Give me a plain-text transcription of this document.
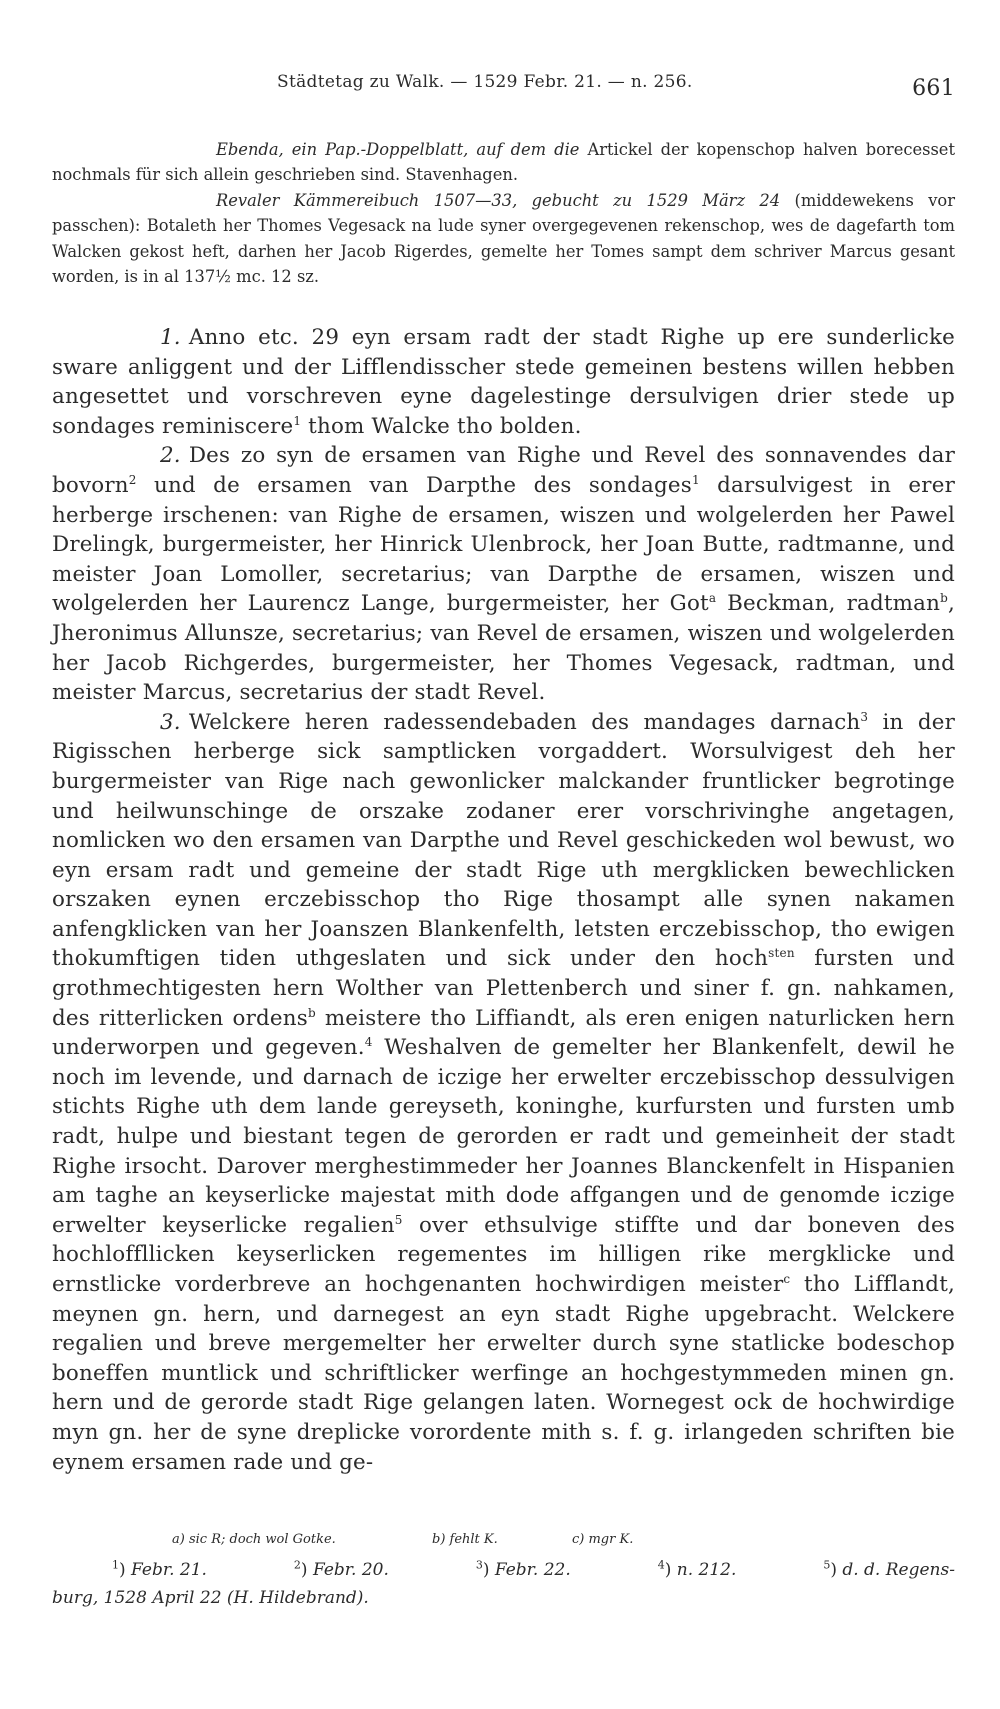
Städtetag zu Walk. — 1529 Febr. 21. — n. 256.	661

Ebenda, ein Pap.-Doppelblatt, auf dem die Artickel der kopenschop halven borecesset nochmals für sich allein geschrieben sind. Stavenhagen.

Revaler Kämmereibuch 1507—33, gebucht zu 1529 März 24 (middewekens vor passchen): Botaleth her Thomes Vegesack na lude syner overgegevenen rekenschop, wes de dagefarth tom Walcken gekost heft, darhen her Jacob Rigerdes, gemelte her Tomes sampt dem schriver Marcus gesant worden, is in al 137½ mc. 12 sz.

1. Anno etc. 29 eyn ersam radt der stadt Righe up ere sunderlicke sware anliggent und der Lifflendisscher stede gemeinen bestens willen hebben angesettet und vorschreven eyne dagelestinge dersulvigen drier stede up sondages reminiscere$^1$ thom Walcke tho bolden.

2. Des zo syn de ersamen van Righe und Revel des sonnavendes dar bovorn$^2$ und de ersamen van Darpthe des sondages$^1$ darsulvigest in erer herberge irschenen: van Righe de ersamen, wiszen und wolgelerden her Pawel Drelingk, burgermeister, her Hinrick Ulenbrock, her Joan Butte, radtmanne, und meister Joan Lomoller, secretarius; van Darpthe de ersamen, wiszen und wolgelerden her Laurencz Lange, burgermeister, her Got$^a$ Beckman, radtman$^b$, Jheronimus Allunsze, secretarius; van Revel de ersamen, wiszen und wolgelerden her Jacob Richgerdes, burgermeister, her Thomes Vegesack, radtman, und meister Marcus, secretarius der stadt Revel.

3. Welckere heren radessendebaden des mandages darnach$^3$ in der Rigisschen herberge sick samptlicken vorgaddert. Worsulvigest deh her burgermeister van Rige nach gewonlicker malckander fruntlicker begrotinge und heilwunschinge de orszake zodaner erer vorschrivinghe angetagen, nomlicken wo den ersamen van Darpthe und Revel geschickeden wol bewust, wo eyn ersam radt und gemeine der stadt Rige uth mergklicken bewechlicken orszaken eynen erczebisschop tho Rige thosampt alle synen nakamen anfengklicken van her Joanszen Blankenfelth, letsten erczebisschop, tho ewigen thokumftigen tiden uthgeslaten und sick under den hoch$^{sten}$ fursten und grothmechtigesten hern Wolther van Plettenberch und siner f. gn. nahkamen, des ritterlicken ordens$^b$ meistere tho Liffiandt, als eren enigen naturlicken hern underworpen und gegeven.$^4$ Weshalven de gemelter her Blankenfelt, dewil he noch im levende, und darnach de iczige her erwelter erczebisschop dessulvigen stichts Righe uth dem lande gereyseth, koninghe, kurfursten und fursten umb radt, hulpe und biestant tegen de gerorden er radt und gemeinheit der stadt Righe irsocht. Darover merghestimmeder her Joannes Blanckenfelt in Hispanien am taghe an keyserlicke majestat mith dode affgangen und de genomde iczige erwelter keyserlicke regalien$^5$ over ethsulvige stiffte und dar boneven des hochloffllicken keyserlicken regementes im hilligen rike mergklicke und ernstlicke vorderbreve an hochgenanten hochwirdigen meister$^c$ tho Lifflandt, meynen gn. hern, und darnegest an eyn stadt Righe upgebracht. Welckere regalien und breve mergemelter her erwelter durch syne statlicke bodeschop boneffen muntlick und schriftlicker werfinge an hochgestymmeden minen gn. hern und de gerorde stadt Rige gelangen laten. Wornegest ock de hochwirdige myn gn. her de syne dreplicke vorordente mith s. f. g. irlangeden schriften bie eynem ersamen rade und ge-

a) sic R; doch wol Gotke.	b) fehlt K.	c) mgr K.
$^1$) Febr. 21.	$^2$) Febr. 20.	$^3$) Febr. 22.	$^4$) n. 212.	$^5$) d. d. Regens-
burg, 1528 April 22 (H. Hildebrand).
